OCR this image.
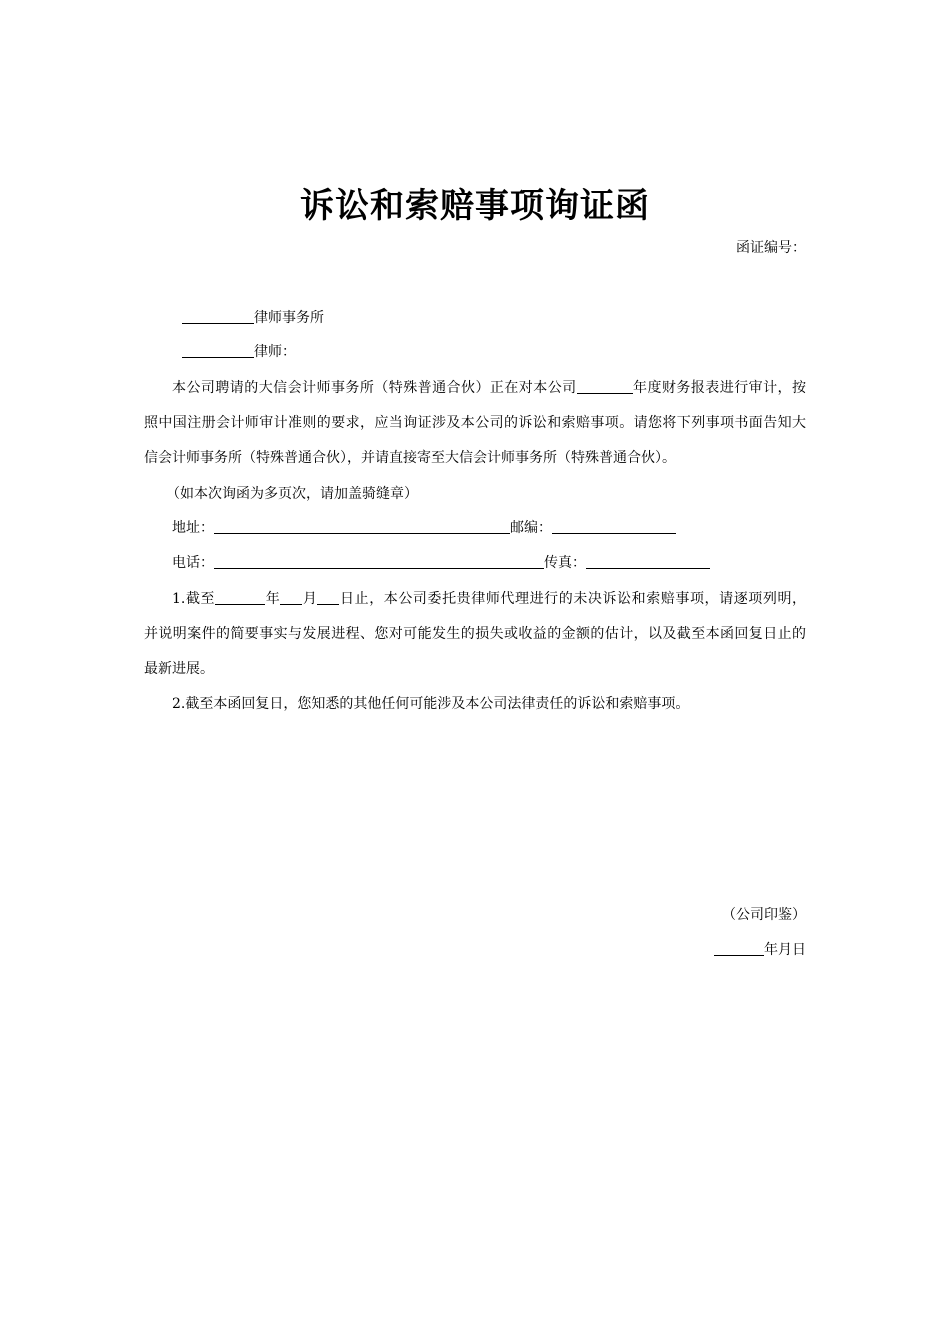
诉讼和索赔事项询证函
函证编号：
律师事务所
律师：
本公司聘请的大信会计师事务所（特殊普通合伙）正在对本公司	年度财务报表进行审计，按
照中国注册会计师审计准则的要求，应当询证涉及本公司的诉讼和索赔事项。请您将下列事项书面告知大
信会计师事务所（特殊普通合伙），并请直接寄至大信会计师事务所（特殊普通合伙）。
（如本次询函为多页次，请加盖骑缝章）
地址：	邮编：
电话：	传真：
1.截至	年 月 日止，本公司委托贵律师代理进行的未决诉讼和索赔事项，请逐项列明，
并说明案件的简要事实与发展进程、您对可能发生的损失或收益的金额的估计，以及截至本函回复日止的
最新进展。
2.截至本函回复日，您知悉的其他任何可能涉及本公司法律责任的诉讼和索赔事项。
（公司印鉴）
年月日
